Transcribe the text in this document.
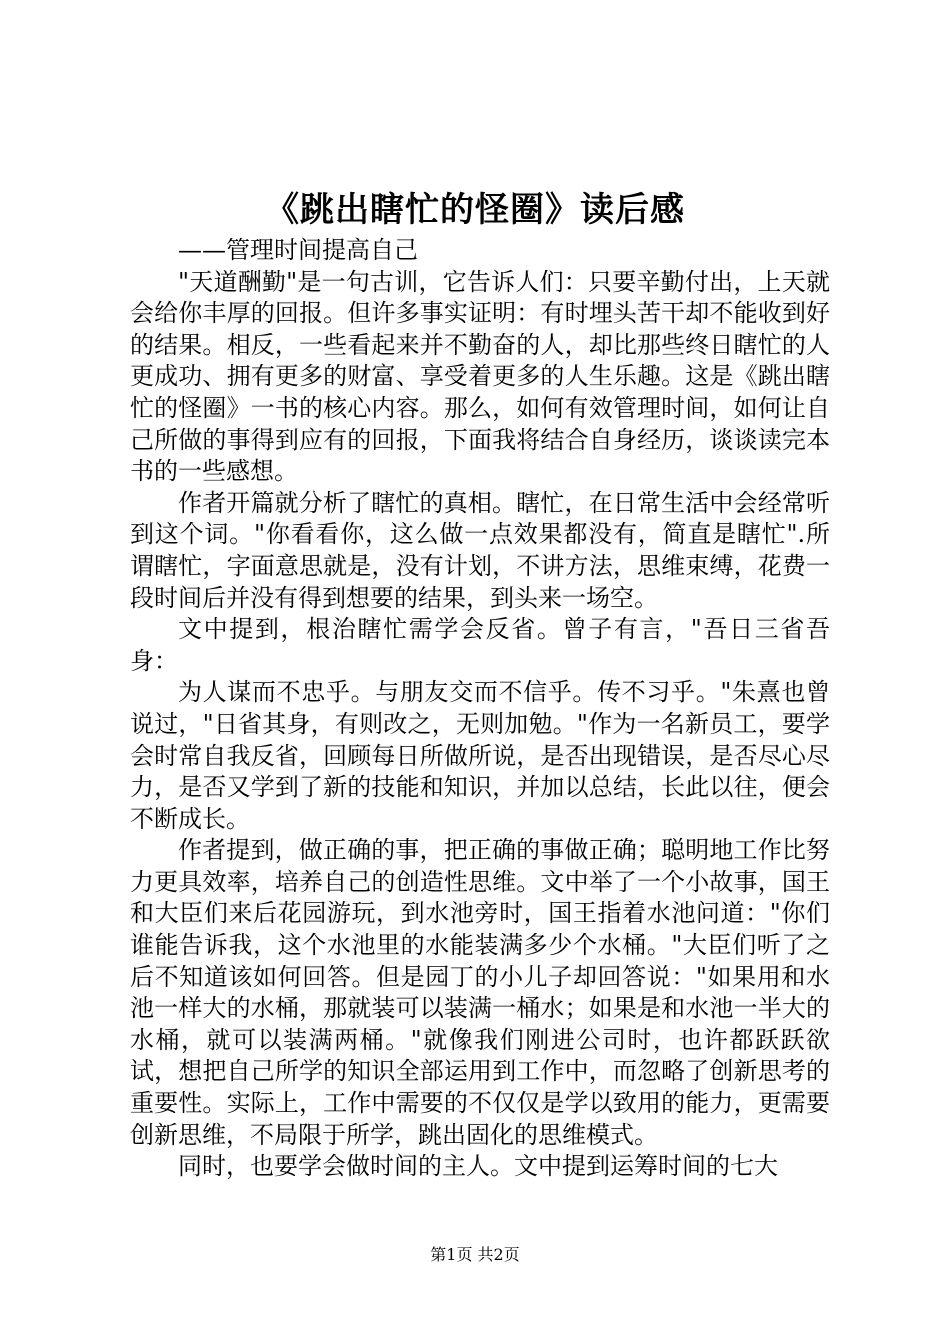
《跳出瞎忙的怪圈》读后感

——管理时间提高自己

"天道酬勤"是一句古训，它告诉人们：只要辛勤付出，上天就会给你丰厚的回报。但许多事实证明：有时埋头苦干却不能收到好的结果。相反，一些看起来并不勤奋的人，却比那些终日瞎忙的人更成功、拥有更多的财富、享受着更多的人生乐趣。这是《跳出瞎忙的怪圈》一书的核心内容。那么，如何有效管理时间，如何让自己所做的事得到应有的回报，下面我将结合自身经历，谈谈读完本书的一些感想。

作者开篇就分析了瞎忙的真相。瞎忙，在日常生活中会经常听到这个词。"你看看你，这么做一点效果都没有，简直是瞎忙".所谓瞎忙，字面意思就是，没有计划，不讲方法，思维束缚，花费一段时间后并没有得到想要的结果，到头来一场空。

文中提到，根治瞎忙需学会反省。曾子有言，"吾日三省吾身：

为人谋而不忠乎。与朋友交而不信乎。传不习乎。"朱熹也曾说过，"日省其身，有则改之，无则加勉。"作为一名新员工，要学会时常自我反省，回顾每日所做所说，是否出现错误，是否尽心尽力，是否又学到了新的技能和知识，并加以总结，长此以往，便会不断成长。

作者提到，做正确的事，把正确的事做正确；聪明地工作比努力更具效率，培养自己的创造性思维。文中举了一个小故事，国王和大臣们来后花园游玩，到水池旁时，国王指着水池问道："你们谁能告诉我，这个水池里的水能装满多少个水桶。"大臣们听了之后不知道该如何回答。但是园丁的小儿子却回答说："如果用和水池一样大的水桶，那就装可以装满一桶水；如果是和水池一半大的水桶，就可以装满两桶。"就像我们刚进公司时，也许都跃跃欲试，想把自己所学的知识全部运用到工作中，而忽略了创新思考的重要性。实际上，工作中需要的不仅仅是学以致用的能力，更需要创新思维，不局限于所学，跳出固化的思维模式。

同时，也要学会做时间的主人。文中提到运筹时间的七大

第1页 共2页
